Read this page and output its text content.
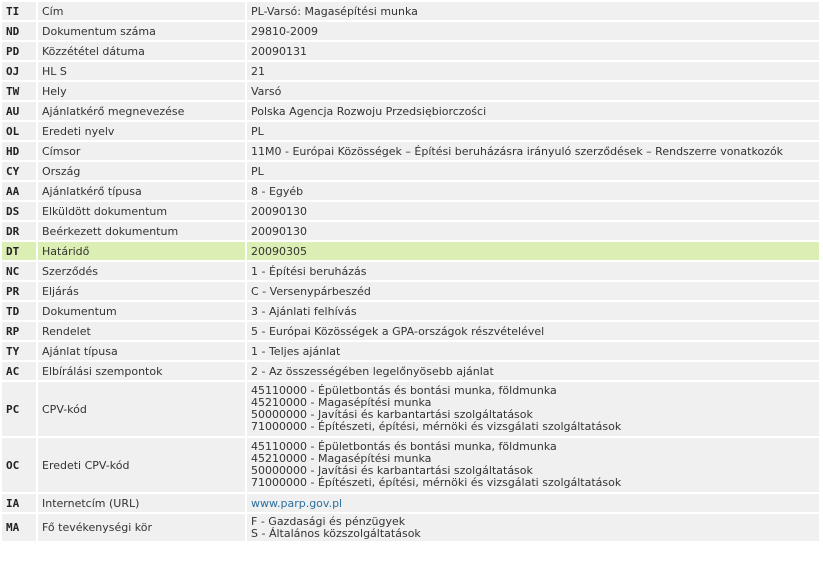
TI	Cím	PL-Varsó: Magasépítési munka
ND	Dokumentum száma	29810-2009
PD	Közzététel dátuma	20090131
OJ	HL S	21
TW	Hely	Varsó
AU	Ajánlatkérő megnevezése	Polska Agencja Rozwoju Przedsiębiorczości
OL	Eredeti nyelv	PL
HD	Címsor	11M0 - Európai Közösségek – Építési beruházásra irányuló szerződések – Rendszerre vonatkozók
CY	Ország	PL
AA	Ajánlatkérő típusa	8 - Egyéb
DS	Elküldött dokumentum	20090130
DR	Beérkezett dokumentum	20090130
DT	Határidő	20090305
NC	Szerződés	1 - Építési beruházás
PR	Eljárás	C - Versenypárbeszéd
TD	Dokumentum	3 - Ajánlati felhívás
RP	Rendelet	5 - Európai Közösségek a GPA-országok részvételével
TY	Ajánlat típusa	1 - Teljes ajánlat
AC	Elbírálási szempontok	2 - Az összességében legelőnyösebb ajánlat
PC	CPV-kód	45110000 - Épületbontás és bontási munka, földmunka
45210000 - Magasépítési munka
50000000 - Javítási és karbantartási szolgáltatások
71000000 - Építészeti, építési, mérnöki és vizsgálati szolgáltatások

OC	Eredeti CPV-kód	45110000 - Épületbontás és bontási munka, földmunka
45210000 - Magasépítési munka
50000000 - Javítási és karbantartási szolgáltatások
71000000 - Építészeti, építési, mérnöki és vizsgálati szolgáltatások

IA	Internetcím (URL)	www.parp.gov.pl
MA	Fő tevékenységi kör	F - Gazdasági és pénzügyek
S - Általános közszolgáltatások
